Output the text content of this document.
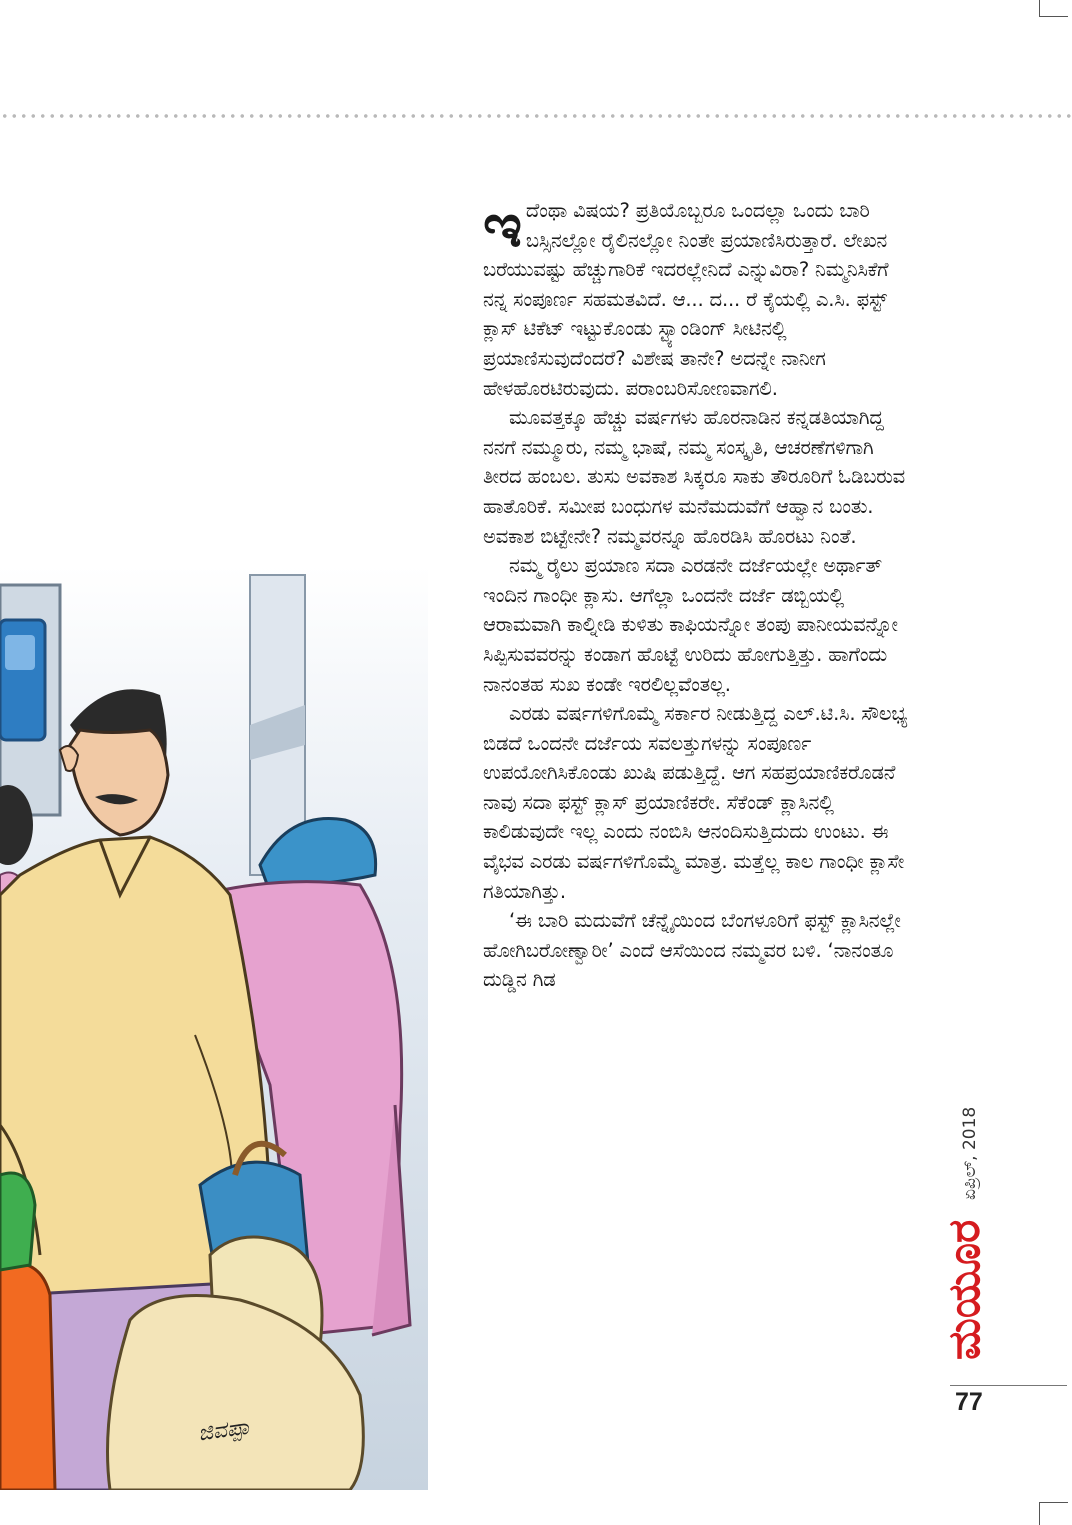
ಜಿವಪ್ಪಾ

ಇದೆಂಥಾ ವಿಷಯ? ಪ್ರತಿಯೊಬ್ಬರೂ ಒಂದಲ್ಲಾ ಒಂದು ಬಾರಿ ಬಸ್ಸಿನಲ್ಲೋ ರೈಲಿನಲ್ಲೋ ನಿಂತೇ ಪ್ರಯಾಣಿಸಿರುತ್ತಾರೆ. ಲೇಖನ ಬರೆಯುವಷ್ಟು ಹೆಚ್ಚುಗಾರಿಕೆ ಇದರಲ್ಲೇನಿದೆ ಎನ್ನುವಿರಾ? ನಿಮ್ಮನಿಸಿಕೆಗೆ ನನ್ನ ಸಂಪೂರ್ಣ ಸಹಮತವಿದೆ. ಆ... ದ... ರೆ ಕೈಯಲ್ಲಿ ಎ.ಸಿ. ಫಸ್ಟ್ ಕ್ಲಾಸ್ ಟಿಕೆಟ್ ಇಟ್ಟುಕೊಂಡು ಸ್ಟ್ಯಾಂಡಿಂಗ್ ಸೀಟಿನಲ್ಲಿ ಪ್ರಯಾಣಿಸುವುದೆಂದರೆ? ವಿಶೇಷ ತಾನೇ? ಅದನ್ನೇ ನಾನೀಗ ಹೇಳಹೊರಟಿರುವುದು. ಪರಾಂಬರಿಸೋಣವಾಗಲಿ.

ಮೂವತ್ತಕ್ಕೂ ಹೆಚ್ಚು ವರ್ಷಗಳು ಹೊರನಾಡಿನ ಕನ್ನಡತಿಯಾಗಿದ್ದ ನನಗೆ ನಮ್ಮೂರು, ನಮ್ಮ ಭಾಷೆ, ನಮ್ಮ ಸಂಸ್ಕೃತಿ, ಆಚರಣೆಗಳಿಗಾಗಿ ತೀರದ ಹಂಬಲ. ತುಸು ಅವಕಾಶ ಸಿಕ್ಕರೂ ಸಾಕು ತೌರೂರಿಗೆ ಓಡಿಬರುವ ಹಾತೊರಿಕೆ. ಸಮೀಪ ಬಂಧುಗಳ ಮನೆಮದುವೆಗೆ ಆಹ್ವಾನ ಬಂತು. ಅವಕಾಶ ಬಿಟ್ಟೇನೇ? ನಮ್ಮವರನ್ನೂ ಹೊರಡಿಸಿ ಹೊರಟು ನಿಂತೆ.

ನಮ್ಮ ರೈಲು ಪ್ರಯಾಣ ಸದಾ ಎರಡನೇ ದರ್ಜೆಯಲ್ಲೇ ಅರ್ಥಾತ್ ಇಂದಿನ ಗಾಂಧೀ ಕ್ಲಾಸು. ಆಗೆಲ್ಲಾ ಒಂದನೇ ದರ್ಜೆ ಡಬ್ಬಿಯಲ್ಲಿ ಆರಾಮವಾಗಿ ಕಾಲ್ನೀಡಿ ಕುಳಿತು ಕಾಫಿಯನ್ನೋ ತಂಪು ಪಾನೀಯವನ್ನೋ ಸಿಪ್ಪಿಸುವವರನ್ನು ಕಂಡಾಗ ಹೊಟ್ಟೆ ಉರಿದು ಹೋಗುತ್ತಿತ್ತು. ಹಾಗೆಂದು ನಾನಂತಹ ಸುಖ ಕಂಡೇ ಇರಲಿಲ್ಲವೆಂತಲ್ಲ.

ಎರಡು ವರ್ಷಗಳಿಗೊಮ್ಮೆ ಸರ್ಕಾರ ನೀಡುತ್ತಿದ್ದ ಎಲ್.ಟಿ.ಸಿ. ಸೌಲಭ್ಯ ಬಿಡದೆ ಒಂದನೇ ದರ್ಜೆಯ ಸವಲತ್ತುಗಳನ್ನು ಸಂಪೂರ್ಣ ಉಪಯೋಗಿಸಿಕೊಂಡು ಖುಷಿ ಪಡುತ್ತಿದ್ದೆ. ಆಗ ಸಹಪ್ರಯಾಣಿಕರೊಡನೆ ನಾವು ಸದಾ ಫಸ್ಟ್ ಕ್ಲಾಸ್ ಪ್ರಯಾಣಿಕರೇ. ಸೆಕೆಂಡ್ ಕ್ಲಾಸಿನಲ್ಲಿ ಕಾಲಿಡುವುದೇ ಇಲ್ಲ ಎಂದು ನಂಬಿಸಿ ಆನಂದಿಸುತ್ತಿದುದು ಉಂಟು. ಈ ವೈಭವ ಎರಡು ವರ್ಷಗಳಿಗೊಮ್ಮೆ ಮಾತ್ರ. ಮತ್ತೆಲ್ಲ ಕಾಲ ಗಾಂಧೀ ಕ್ಲಾಸೇ ಗತಿಯಾಗಿತ್ತು.

‘ಈ ಬಾರಿ ಮದುವೆಗೆ ಚೆನ್ನೈಯಿಂದ ಬೆಂಗಳೂರಿಗೆ ಫಸ್ಟ್ ಕ್ಲಾಸಿನಲ್ಲೇ ಹೋಗಿಬರೋಣ್ವಾರೀ’ ಎಂದೆ ಆಸೆಯಿಂದ ನಮ್ಮವರ ಬಳಿ. ‘ನಾನಂತೂ ದುಡ್ಡಿನ ಗಿಡ

ಏಪ್ರಿಲ್, 2018
ಮಯೂರ
77
